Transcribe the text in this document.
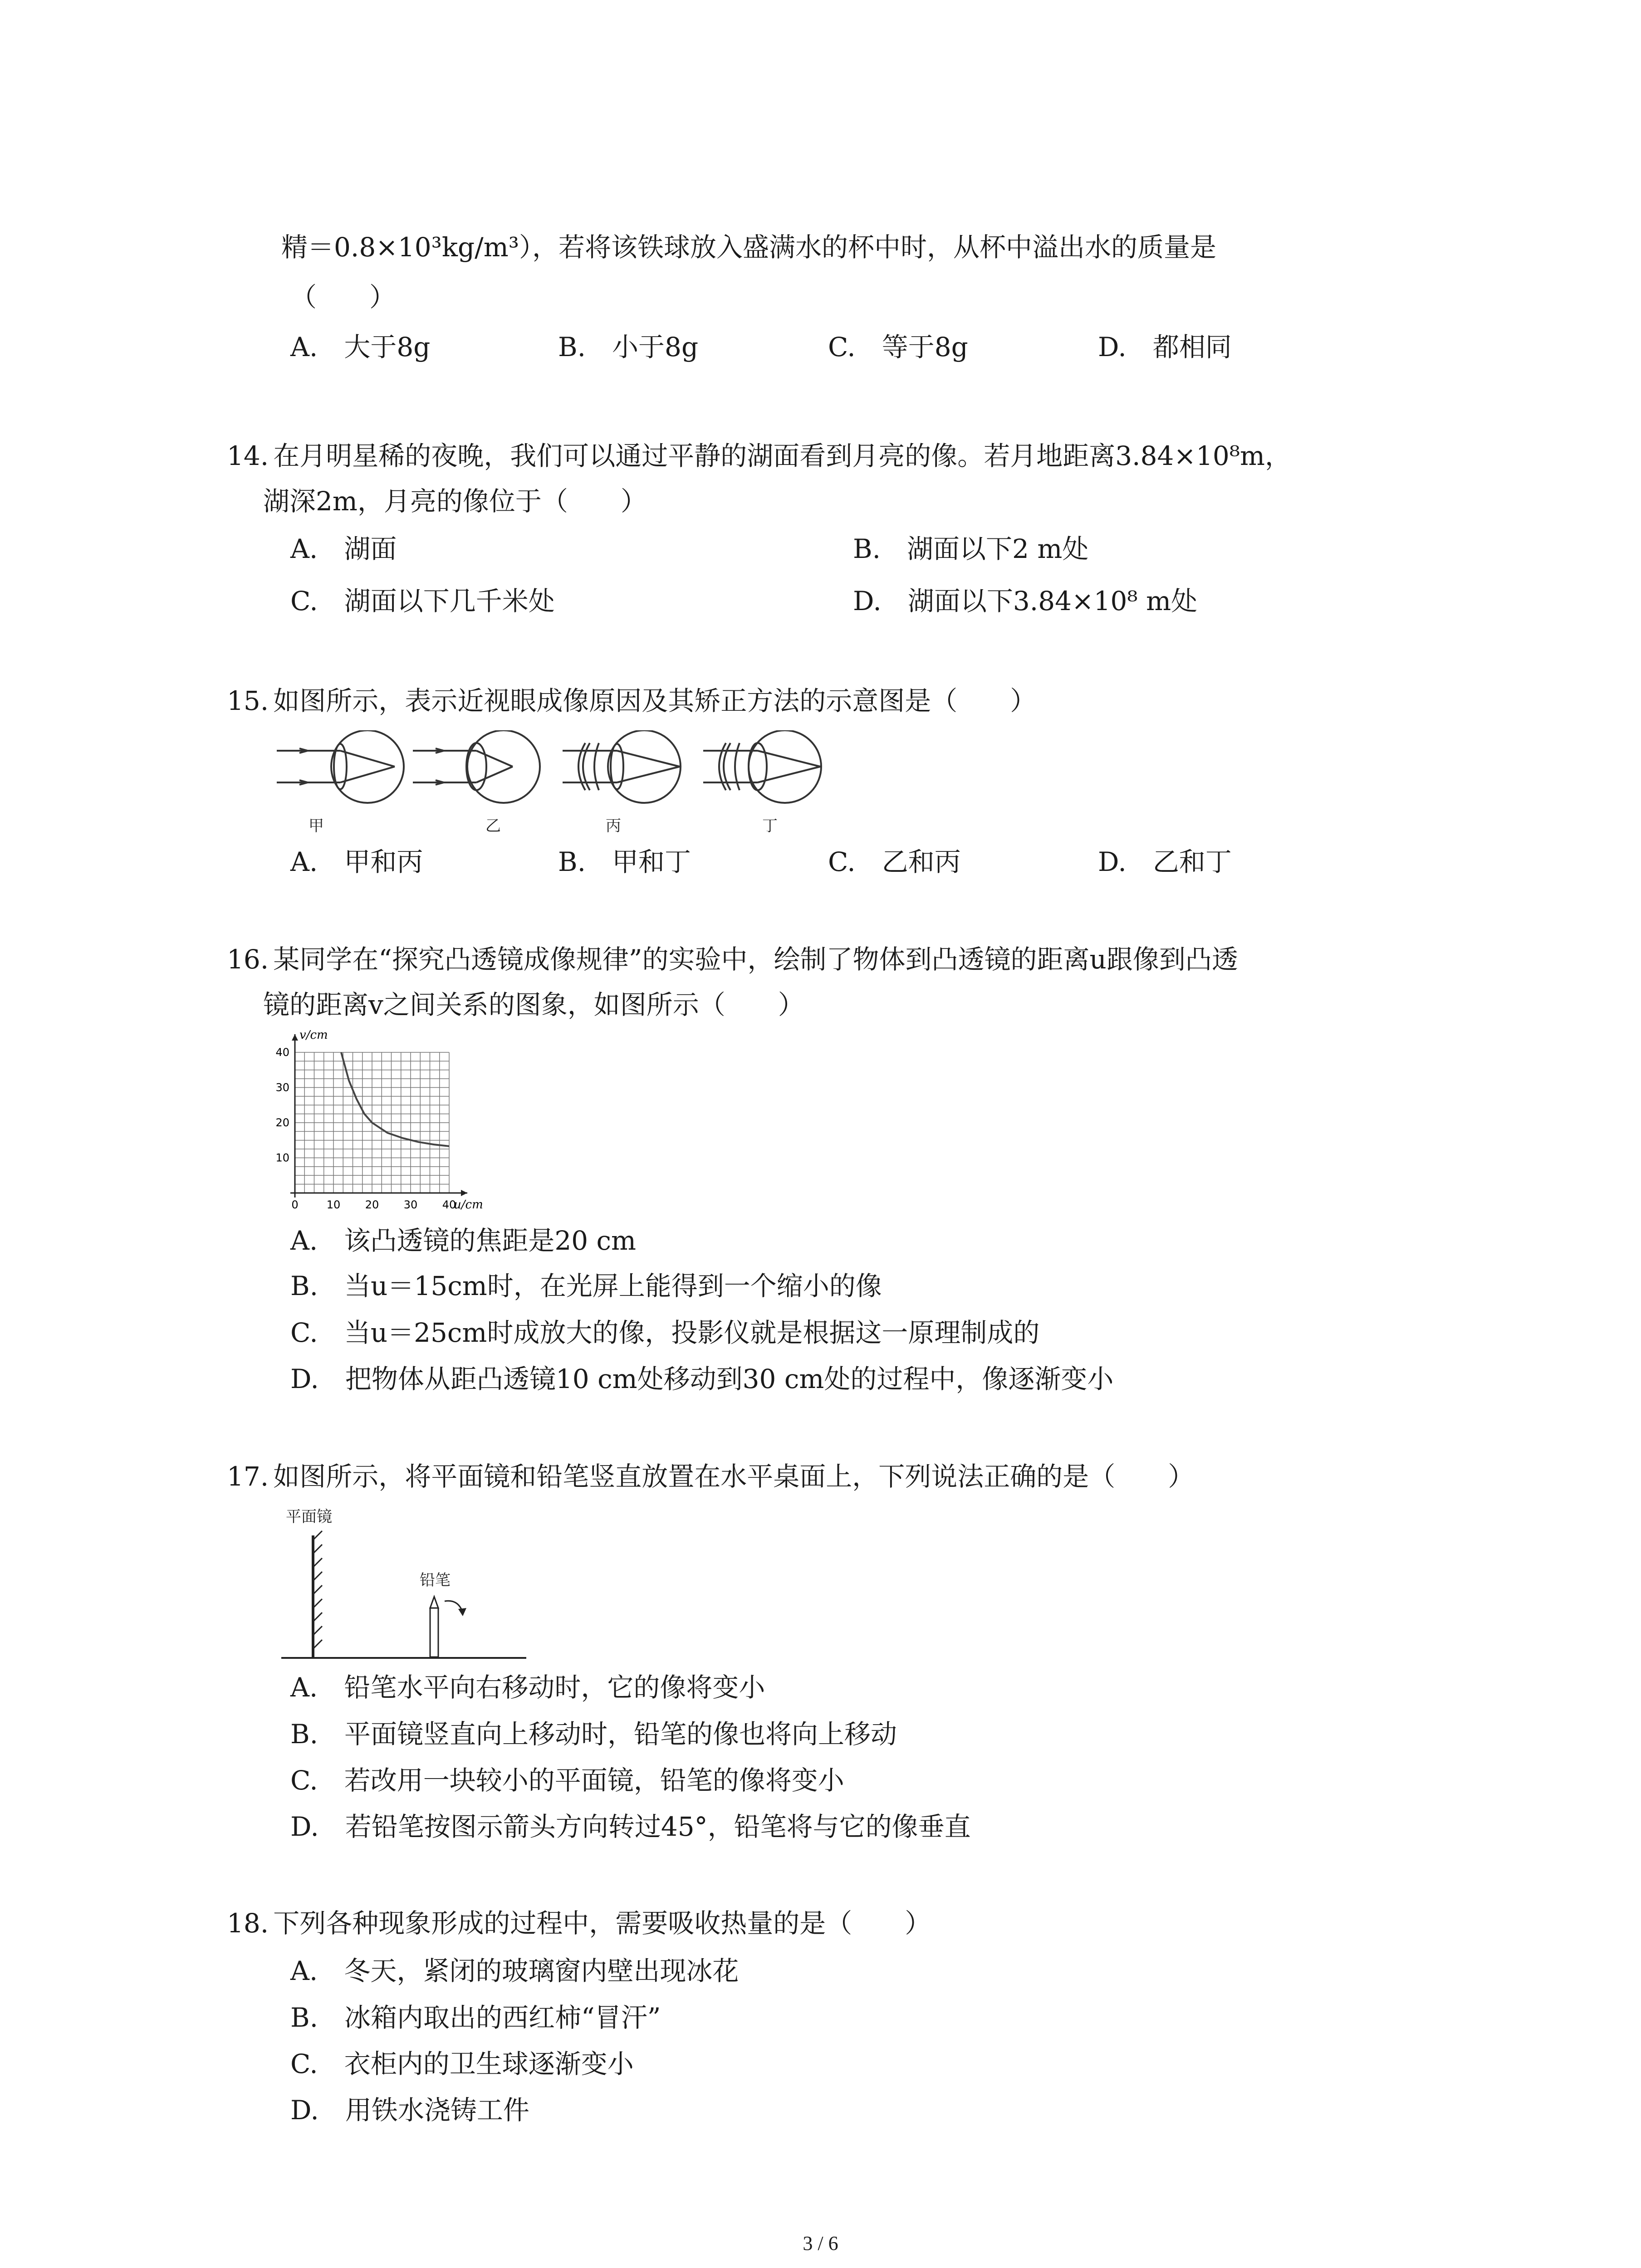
精＝0.8×10³kg/m³），若将该铁球放入盛满水的杯中时，从杯中溢出水的质量是
（　　）
A.　大于8g	B.　小于8g	C.　等于8g	D.　都相同
14. 在月明星稀的夜晚，我们可以通过平静的湖面看到月亮的像。若月地距离3.84×10⁸m，
湖深2m，月亮的像位于（　　）
A.　湖面	B.　湖面以下2 m处
C.　湖面以下几千米处	D.　湖面以下3.84×10⁸ m处
15. 如图所示，表示近视眼成像原因及其矫正方法的示意图是（　　）
甲	乙	丙	丁
A.　甲和丙	B.　甲和丁	C.　乙和丙	D.　乙和丁
16. 某同学在“探究凸透镜成像规律”的实验中，绘制了物体到凸透镜的距离u跟像到凸透
镜的距离v之间关系的图象，如图所示（　　）
0	10 20 30 40
10
20
30
40
v/cm
u/cm
A.　该凸透镜的焦距是20 cm
B.　当u＝15cm时，在光屏上能得到一个缩小的像
C.　当u＝25cm时成放大的像，投影仪就是根据这一原理制成的
D.　把物体从距凸透镜10 cm处移动到30 cm处的过程中，像逐渐变小
17. 如图所示，将平面镜和铅笔竖直放置在水平桌面上，下列说法正确的是（　　）
平面镜
铅笔
A.　铅笔水平向右移动时，它的像将变小
B.　平面镜竖直向上移动时，铅笔的像也将向上移动
C.　若改用一块较小的平面镜，铅笔的像将变小
D.　若铅笔按图示箭头方向转过45°，铅笔将与它的像垂直
18. 下列各种现象形成的过程中，需要吸收热量的是（　　）
A.　冬天，紧闭的玻璃窗内壁出现冰花
B.　冰箱内取出的西红柿“冒汗”
C.　衣柜内的卫生球逐渐变小
D.　用铁水浇铸工件
3 / 6
